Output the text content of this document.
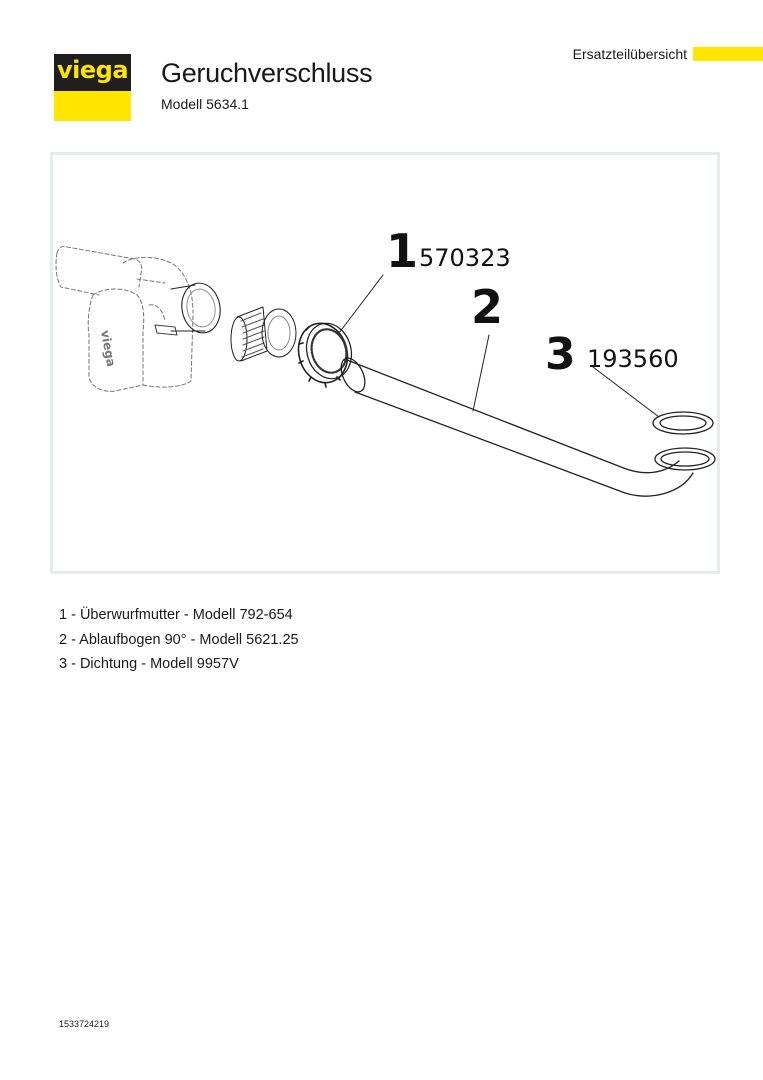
viega Geruchverschluss
Modell 5634.1
Ersatzteilübersicht
viega
1 570323
2
3 193560
1 - Überwurfmutter - Modell 792-654
2 - Ablaufbogen 90° - Modell 5621.25
3 - Dichtung - Modell 9957V
1533724219
